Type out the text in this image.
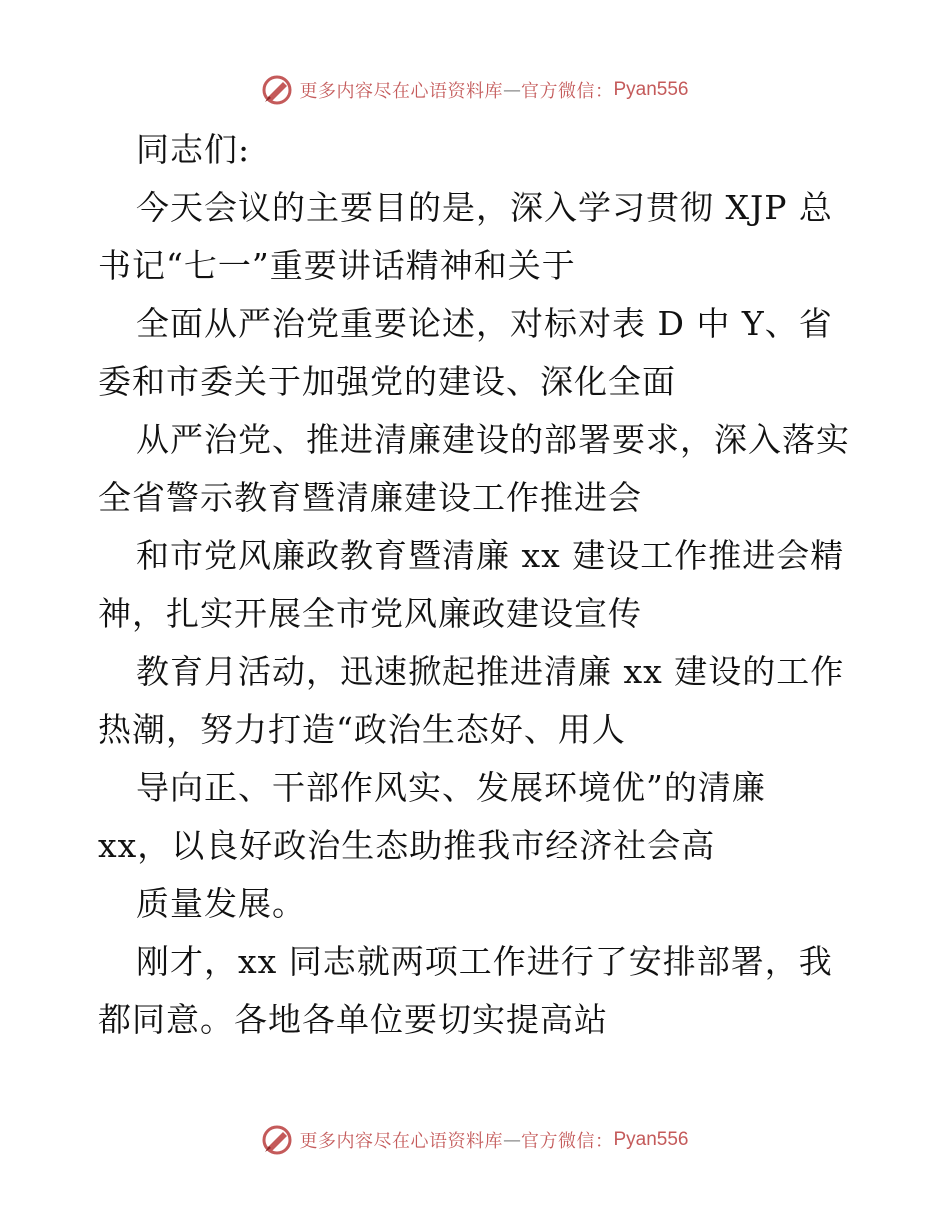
更多内容尽在心语资料库 — 官方微信： Pyan556
同志们:
今天会议的主要目的是，深入学习贯彻 XJP 总
书记“七一”重要讲话精神和关于
全面从严治党重要论述，对标对表 D 中 Y、省
委和市委关于加强党的建设、深化全面
从严治党、推进清廉建设的部署要求，深入落实
全省警示教育暨清廉建设工作推进会
和市党风廉政教育暨清廉 xx 建设工作推进会精
神，扎实开展全市党风廉政建设宣传
教育月活动，迅速掀起推进清廉 xx 建设的工作
热潮，努力打造“政治生态好、用人
导向正、干部作风实、发展环境优”的清廉
xx，以良好政治生态助推我市经济社会高
质量发展。
刚才，xx 同志就两项工作进行了安排部署，我
都同意。各地各单位要切实提高站
更多内容尽在心语资料库 — 官方微信： Pyan556
